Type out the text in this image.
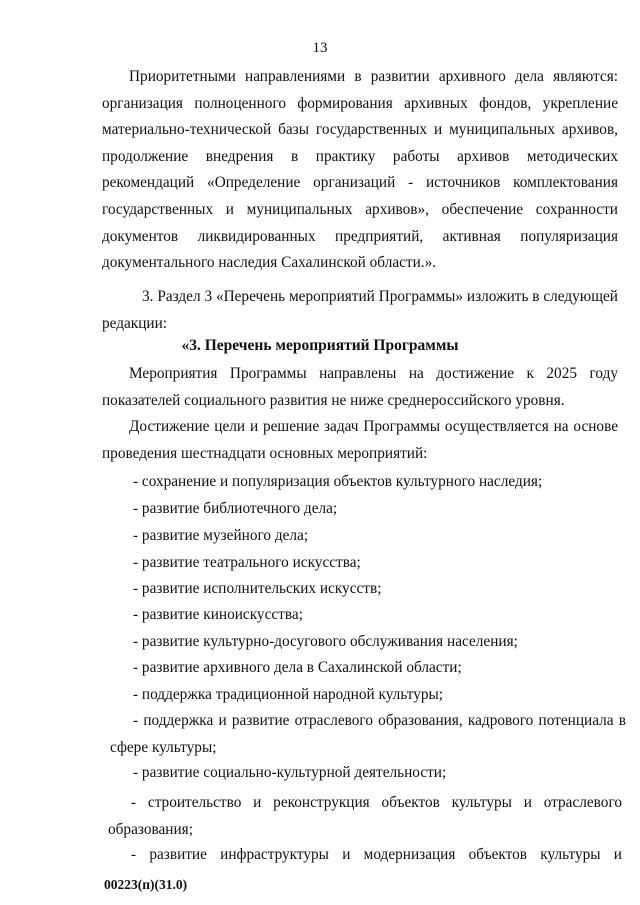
13

Приоритетными направлениями в развитии архивного дела являются: организация полноценного формирования архивных фондов, укрепление материально-технической базы государственных и муниципальных архивов, продолжение внедрения в практику работы архивов методических рекомендаций «Определение организаций - источников комплектования государственных и муниципальных архивов», обеспечение сохранности документов ликвидированных предприятий, активная популяризация документального наследия Сахалинской области.».

3. Раздел 3 «Перечень мероприятий Программы» изложить в следующей редакции:

«3. Перечень мероприятий Программы

Мероприятия Программы направлены на достижение к 2025 году показателей социального развития не ниже среднероссийского уровня.

Достижение цели и решение задач Программы осуществляется на основе проведения шестнадцати основных мероприятий:

- сохранение и популяризация объектов культурного наследия;
- развитие библиотечного дела;
- развитие музейного дела;
- развитие театрального искусства;
- развитие исполнительских искусств;
- развитие киноискусства;
- развитие культурно-досугового обслуживания населения;
- развитие архивного дела в Сахалинской области;
- поддержка традиционной народной культуры;

- поддержка и развитие отраслевого образования, кадрового потенциала в сфере культуры;

- развитие социально-культурной деятельности;

- строительство и реконструкция объектов культуры и отраслевого образования;

- развитие инфраструктуры и модернизация объектов культуры и

00223(п)(31.0)
